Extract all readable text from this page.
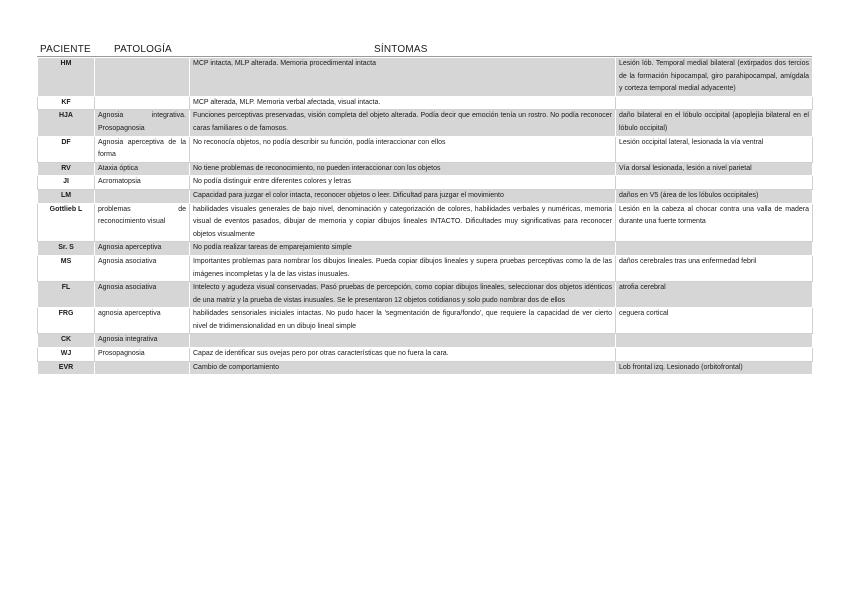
PACIENTE PATOLOGÍA	SÍNTOMAS
HM		MCP intacta, MLP alterada. Memoria procedimental intacta	Lesión lób. Temporal medial bilateral (extirpados dos tercios de la formación hipocampal, giro parahipocampal, amígdala y corteza temporal medial adyacente)
KF		MCP alterada, MLP. Memoria verbal afectada, visual intacta.	
HJA	Agnosia integrativa. Prosopagnosia	Funciones perceptivas preservadas, visión completa del objeto alterada. Podía decir que emoción tenía un rostro. No podía reconocer caras familiares o de famosos.	daño bilateral en el lóbulo occipital (apoplejía bilateral en el lóbulo occipital)
DF	Agnosia aperceptiva de la forma	No reconocía objetos, no podía describir su función, podía interaccionar con ellos	Lesión occipital lateral, lesionada la vía ventral
RV	Ataxia óptica	No tiene problemas de reconocimiento, no pueden interaccionar con los objetos	Vía dorsal lesionada, lesión a nivel parietal
JI	Acromatopsia	No podía distinguir entre diferentes colores y letras	
LM		Capacidad para juzgar el color intacta, reconocer objetos o leer. Dificultad para juzgar el movimiento	daños en V5 (área de los lóbulos occipitales)
Gottlieb L	problemas de reconocimiento visual	habilidades visuales generales de bajo nivel, denominación y categorización de colores, habilidades verbales y numéricas, memoria visual de eventos pasados, dibujar de memoria y copiar dibujos lineales INTACTO. Dificultades muy significativas para reconocer objetos visualmente	Lesión en la cabeza al chocar contra una valla de madera durante una fuerte tormenta
Sr. S	Agnosia aperceptiva	No podía realizar tareas de emparejamiento simple	
MS	Agnosia asociativa	Importantes problemas para nombrar los dibujos lineales. Pueda copiar dibujos lineales y supera pruebas perceptivas como la de las imágenes incompletas y la de las vistas inusuales.	daños cerebrales tras una enfermedad febril
FL	Agnosia asociativa	Intelecto y agudeza visual conservadas. Pasó pruebas de percepción, como copiar dibujos lineales, seleccionar dos objetos idénticos de una matriz y la prueba de vistas inusuales. Se le presentaron 12 objetos cotidianos y solo pudo nombrar dos de ellos	atrofia cerebral
FRG	agnosia aperceptiva	habilidades sensoriales iniciales intactas. No pudo hacer la 'segmentación de figura/fondo', que requiere la capacidad de ver cierto nivel de tridimensionalidad en un dibujo lineal simple	ceguera cortical
CK	Agnosia integrativa		
WJ	Prosopagnosia	Capaz de identificar sus ovejas pero por otras características que no fuera la cara.	
EVR		Cambio de comportamiento	Lob frontal izq. Lesionado (orbitofrontal)
